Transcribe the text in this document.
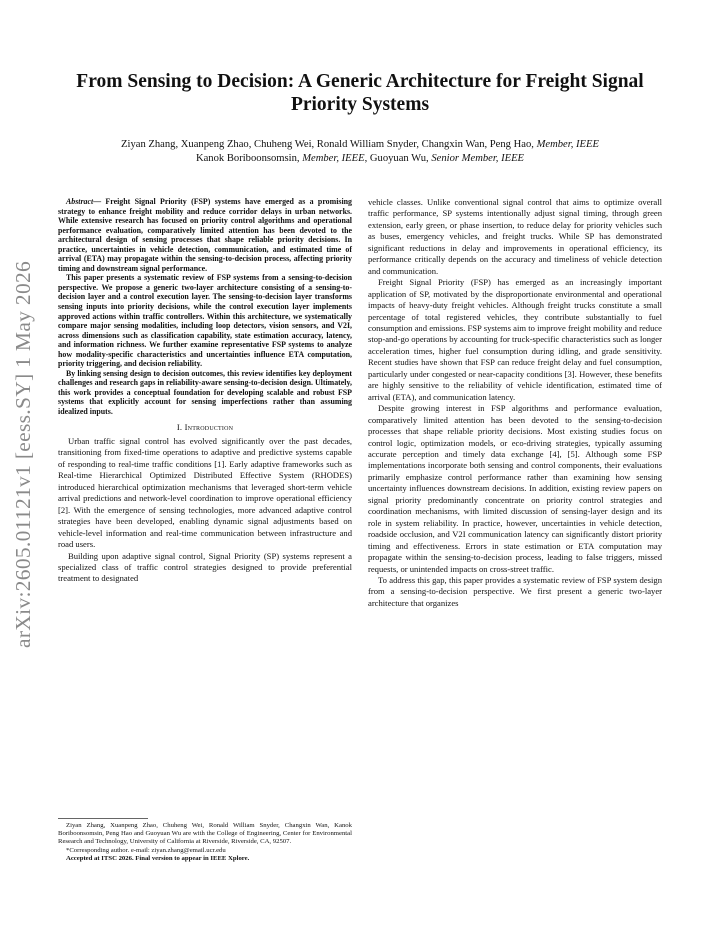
arXiv:2605.01121v1 [eess.SY] 1 May 2026
From Sensing to Decision: A Generic Architecture for Freight Signal Priority Systems
Ziyan Zhang, Xuanpeng Zhao, Chuheng Wei, Ronald William Snyder, Changxin Wan, Peng Hao, Member, IEEE
Kanok Boriboonsomsin, Member, IEEE, Guoyuan Wu, Senior Member, IEEE

Abstract— Freight Signal Priority (FSP) systems have emerged as a promising strategy to enhance freight mobility and reduce corridor delays in urban networks. While extensive research has focused on priority control algorithms and operational performance evaluation, comparatively limited attention has been devoted to the architectural design of sensing processes that shape reliable priority decisions. In practice, uncertainties in vehicle detection, communication, and estimated time of arrival (ETA) may propagate within the sensing-to-decision process, affecting priority timing and downstream signal performance.

This paper presents a systematic review of FSP systems from a sensing-to-decision perspective. We propose a generic two-layer architecture consisting of a sensing-to-decision layer and a control execution layer. The sensing-to-decision layer transforms sensing inputs into priority decisions, while the control execution layer implements approved actions within traffic controllers. Within this architecture, we systematically compare major sensing modalities, including loop detectors, vision sensors, and V2I, across dimensions such as classification capability, state estimation accuracy, latency, and information richness. We further examine representative FSP systems to analyze how modality-specific characteristics and uncertainties influence ETA computation, priority triggering, and decision reliability.

By linking sensing design to decision outcomes, this review identifies key deployment challenges and research gaps in reliability-aware sensing-to-decision design. Ultimately, this work provides a conceptual foundation for developing scalable and robust FSP systems that explicitly account for sensing imperfections rather than assuming idealized inputs.

I. Introduction

Urban traffic signal control has evolved significantly over the past decades, transitioning from fixed-time operations to adaptive and predictive systems capable of responding to real-time traffic conditions [1]. Early adaptive frameworks such as Real-time Hierarchical Optimized Distributed Effective System (RHODES) introduced hierarchical optimization mechanisms that leveraged short-term vehicle arrival predictions and network-level coordination to improve operational efficiency [2]. With the emergence of sensing technologies, more advanced adaptive control strategies have been developed, enabling dynamic signal adjustments based on vehicle-level information and real-time communication between infrastructure and road users.

Building upon adaptive signal control, Signal Priority (SP) systems represent a specialized class of traffic control strategies designed to provide preferential treatment to designated

Ziyan Zhang, Xuanpeng Zhao, Chuheng Wei, Ronald William Snyder, Changxin Wan, Kanok Boriboonsomsin, Peng Hao and Guoyuan Wu are with the College of Engineering, Center for Environmental Research and Technology, University of California at Riverside, Riverside, CA, 92507.

*Corresponding author. e-mail: ziyan.zhang@email.ucr.edu

Accepted at ITSC 2026. Final version to appear in IEEE Xplore.

vehicle classes. Unlike conventional signal control that aims to optimize overall traffic performance, SP systems intentionally adjust signal timing, through green extension, early green, or phase insertion, to reduce delay for priority vehicles such as buses, emergency vehicles, and freight trucks. While SP has demonstrated significant reductions in delay and improvements in operational efficiency, its performance critically depends on the accuracy and timeliness of vehicle detection and communication.

Freight Signal Priority (FSP) has emerged as an increasingly important application of SP, motivated by the disproportionate environmental and operational impacts of heavy-duty freight vehicles. Although freight trucks constitute a small percentage of total registered vehicles, they contribute substantially to fuel consumption and emissions. FSP systems aim to improve freight mobility and reduce stop-and-go operations by accounting for truck-specific characteristics such as longer acceleration times, higher fuel consumption during idling, and grade sensitivity. Recent studies have shown that FSP can reduce freight delay and fuel consumption, particularly under congested or near-capacity conditions [3]. However, these benefits are highly sensitive to the reliability of vehicle identification, estimated time of arrival (ETA), and communication latency.

Despite growing interest in FSP algorithms and performance evaluation, comparatively limited attention has been devoted to the sensing-to-decision processes that shape reliable priority decisions. Most existing studies focus on control logic, optimization models, or eco-driving strategies, typically assuming accurate perception and timely data exchange [4], [5]. Although some FSP implementations incorporate both sensing and control components, their evaluations primarily emphasize control performance rather than examining how sensing uncertainty influences downstream decisions. In addition, existing review papers on signal priority predominantly concentrate on priority control strategies and coordination mechanisms, with limited discussion of sensing-layer design and its role in system reliability. In practice, however, uncertainties in vehicle detection, roadside occlusion, and V2I communication latency can significantly distort priority timing and effectiveness. Errors in state estimation or ETA computation may propagate within the sensing-to-decision process, leading to false triggers, missed requests, or unintended impacts on cross-street traffic.

To address this gap, this paper provides a systematic review of FSP system design from a sensing-to-decision perspective. We first present a generic two-layer architecture that organizes
